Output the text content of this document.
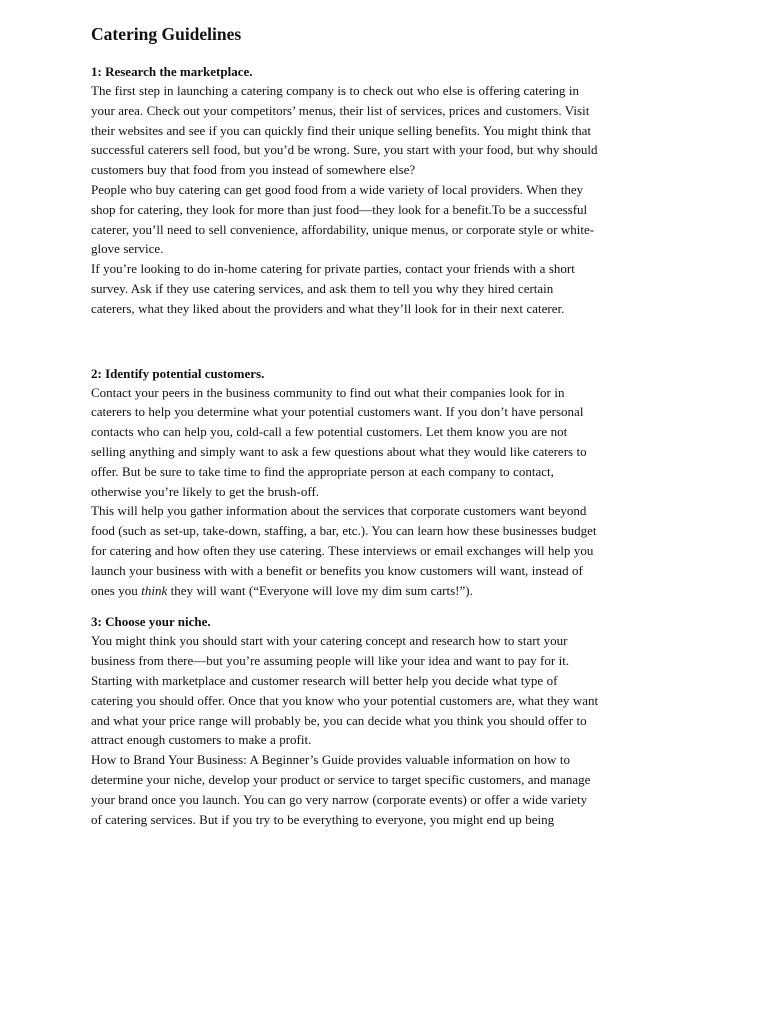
Catering Guidelines
1: Research the marketplace.

The first step in launching a catering company is to check out who else is offering catering in
your area. Check out your competitors’ menus, their list of services, prices and customers. Visit
their websites and see if you can quickly find their unique selling benefits. You might think that
successful caterers sell food, but you’d be wrong. Sure, you start with your food, but why should
customers buy that food from you instead of somewhere else?

People who buy catering can get good food from a wide variety of local providers. When they
shop for catering, they look for more than just food—they look for a benefit.To be a successful
caterer, you’ll need to sell convenience, affordability, unique menus, or corporate style or white-
glove service.

If you’re looking to do in-home catering for private parties, contact your friends with a short
survey. Ask if they use catering services, and ask them to tell you why they hired certain
caterers, what they liked about the providers and what they’ll look for in their next caterer.

2: Identify potential customers.

Contact your peers in the business community to find out what their companies look for in
caterers to help you determine what your potential customers want. If you don’t have personal
contacts who can help you, cold-call a few potential customers. Let them know you are not
selling anything and simply want to ask a few questions about what they would like caterers to
offer. But be sure to take time to find the appropriate person at each company to contact,
otherwise you’re likely to get the brush-off.

This will help you gather information about the services that corporate customers want beyond
food (such as set-up, take-down, staffing, a bar, etc.). You can learn how these businesses budget
for catering and how often they use catering. These interviews or email exchanges will help you
launch your business with with a benefit or benefits you know customers will want, instead of
ones you think they will want (“Everyone will love my dim sum carts!”).

3: Choose your niche.

You might think you should start with your catering concept and research how to start your
business from there—but you’re assuming people will like your idea and want to pay for it.
Starting with marketplace and customer research will better help you decide what type of
catering you should offer. Once that you know who your potential customers are, what they want
and what your price range will probably be, you can decide what you think you should offer to
attract enough customers to make a profit.

How to Brand Your Business: A Beginner’s Guide provides valuable information on how to
determine your niche, develop your product or service to target specific customers, and manage
your brand once you launch. You can go very narrow (corporate events) or offer a wide variety
of catering services. But if you try to be everything to everyone, you might end up being
